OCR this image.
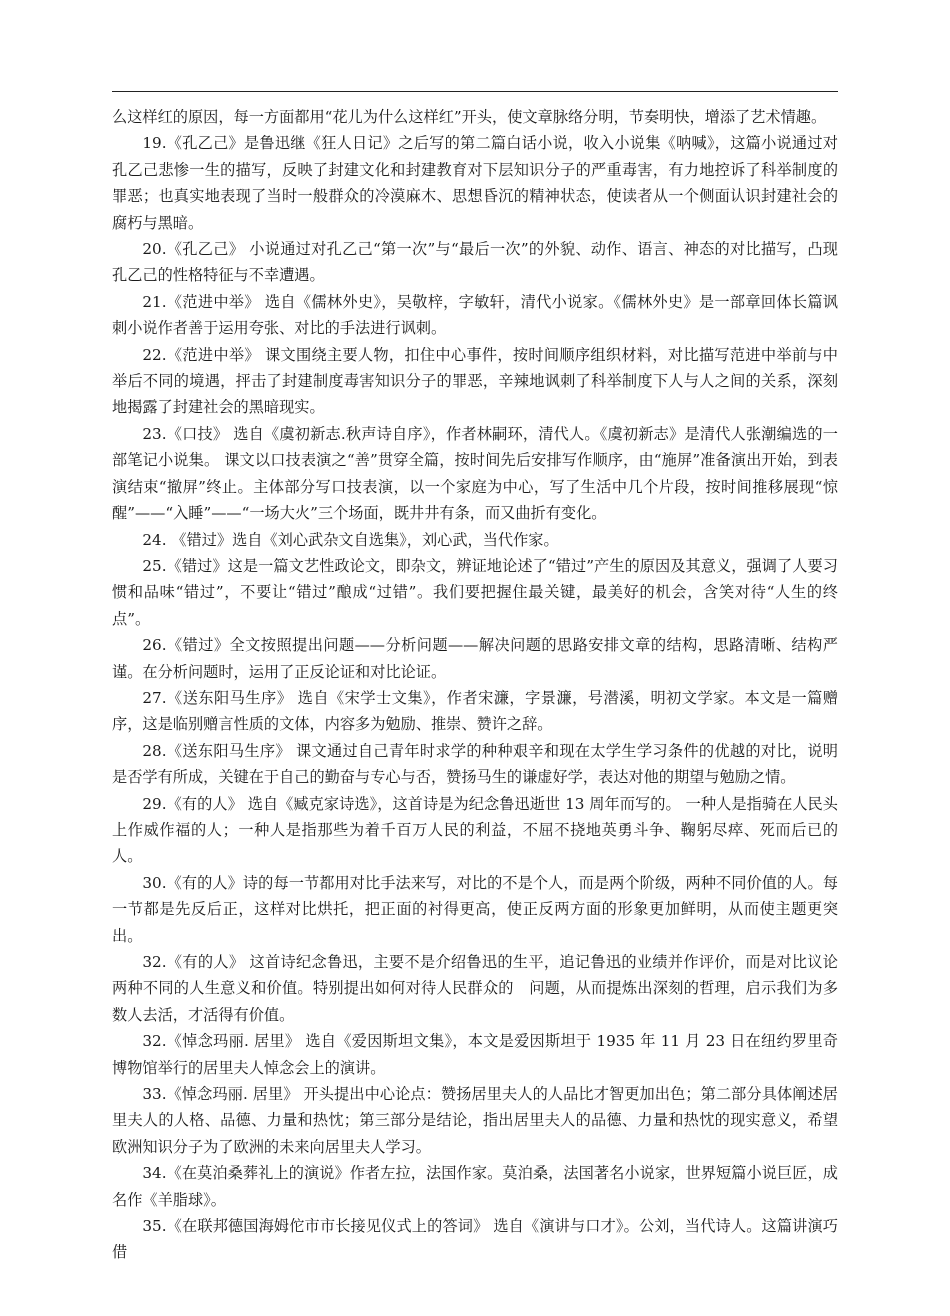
么这样红的原因，每一方面都用“花儿为什么这样红”开头，使文章脉络分明，节奏明快，增添了艺术情趣。

19.《孔乙己》是鲁迅继《狂人日记》之后写的第二篇白话小说，收入小说集《呐喊》，这篇小说通过对孔乙己悲惨一生的描写，反映了封建文化和封建教育对下层知识分子的严重毒害，有力地控诉了科举制度的罪恶；也真实地表现了当时一般群众的冷漠麻木、思想昏沉的精神状态，使读者从一个侧面认识封建社会的腐朽与黑暗。

20.《孔乙己》 小说通过对孔乙己“第一次”与“最后一次”的外貌、动作、语言、神态的对比描写，凸现孔乙己的性格特征与不幸遭遇。

21.《范进中举》 选自《儒林外史》，吴敬梓，字敏轩，清代小说家。《儒林外史》是一部章回体长篇讽刺小说作者善于运用夸张、对比的手法进行讽刺。

22.《范进中举》 课文围绕主要人物，扣住中心事件，按时间顺序组织材料，对比描写范进中举前与中举后不同的境遇，抨击了封建制度毒害知识分子的罪恶，辛辣地讽刺了科举制度下人与人之间的关系，深刻地揭露了封建社会的黑暗现实。

23.《口技》 选自《虞初新志.秋声诗自序》，作者林嗣环，清代人。《虞初新志》是清代人张潮编选的一部笔记小说集。 课文以口技表演之“善”贯穿全篇，按时间先后安排写作顺序，由“施屏”准备演出开始，到表演结束“撤屏”终止。主体部分写口技表演，以一个家庭为中心，写了生活中几个片段，按时间推移展现“惊醒”——“入睡”——“一场大火”三个场面，既井井有条，而又曲折有变化。

24. 《错过》选自《刘心武杂文自选集》，刘心武，当代作家。

25.《错过》这是一篇文艺性政论文，即杂文，辨证地论述了“错过”产生的原因及其意义，强调了人要习惯和品味“错过”，不要让“错过”酿成“过错”。我们要把握住最关键，最美好的机会，含笑对待“人生的终点”。

26.《错过》全文按照提出问题——分析问题——解决问题的思路安排文章的结构，思路清晰、结构严谨。在分析问题时，运用了正反论证和对比论证。

27.《送东阳马生序》 选自《宋学士文集》，作者宋濂，字景濂，号潜溪，明初文学家。本文是一篇赠序，这是临别赠言性质的文体，内容多为勉励、推崇、赞许之辞。

28.《送东阳马生序》 课文通过自己青年时求学的种种艰辛和现在太学生学习条件的优越的对比，说明是否学有所成，关键在于自己的勤奋与专心与否，赞扬马生的谦虚好学，表达对他的期望与勉励之情。

29.《有的人》 选自《臧克家诗选》，这首诗是为纪念鲁迅逝世 13 周年而写的。 一种人是指骑在人民头上作威作福的人；一种人是指那些为着千百万人民的利益，不屈不挠地英勇斗争、鞠躬尽瘁、死而后已的人。

30.《有的人》诗的每一节都用对比手法来写，对比的不是个人，而是两个阶级，两种不同价值的人。每一节都是先反后正，这样对比烘托，把正面的衬得更高，使正反两方面的形象更加鲜明，从而使主题更突出。

32.《有的人》 这首诗纪念鲁迅，主要不是介绍鲁迅的生平，追记鲁迅的业绩并作评价，而是对比议论两种不同的人生意义和价值。特别提出如何对待人民群众的　问题，从而提炼出深刻的哲理，启示我们为多数人去活，才活得有价值。

32.《悼念玛丽. 居里》 选自《爱因斯坦文集》，本文是爱因斯坦于 1935 年 11 月 23 日在纽约罗里奇博物馆举行的居里夫人悼念会上的演讲。

33.《悼念玛丽. 居里》 开头提出中心论点：赞扬居里夫人的人品比才智更加出色；第二部分具体阐述居里夫人的人格、品德、力量和热忱；第三部分是结论，指出居里夫人的品德、力量和热忱的现实意义，希望欧洲知识分子为了欧洲的未来向居里夫人学习。

34.《在莫泊桑葬礼上的演说》作者左拉，法国作家。莫泊桑，法国著名小说家，世界短篇小说巨匠，成名作《羊脂球》。

35.《在联邦德国海姆佗市市长接见仪式上的答词》 选自《演讲与口才》。公刘，当代诗人。这篇讲演巧借
